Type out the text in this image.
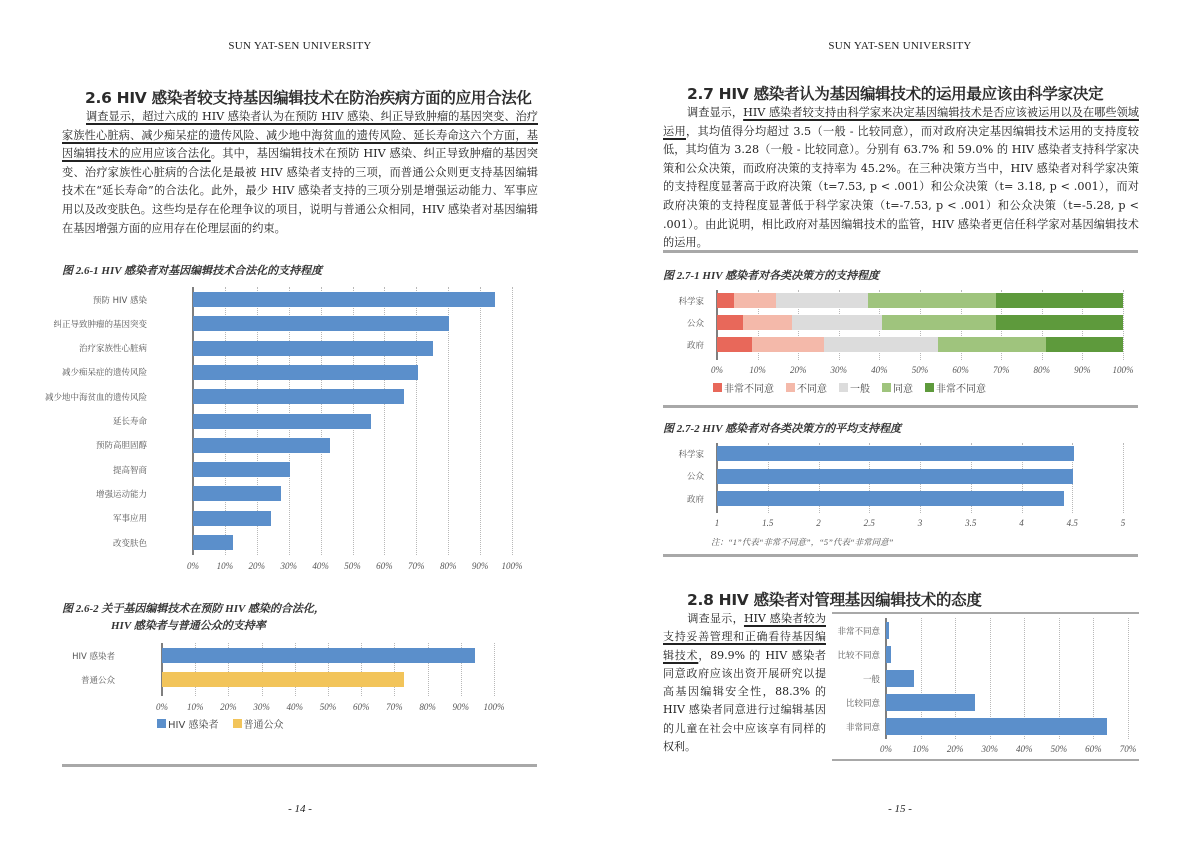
SUN YAT-SEN UNIVERSITY
2.6 HIV 感染者较支持基因编辑技术在防治疾病方面的应用合法化
调查显示，超过六成的 HIV 感染者认为在预防 HIV 感染、纠正导致肿瘤的基因突变、治疗家族性心脏病、减少痴呆症的遗传风险、减少地中海贫血的遗传风险、延长寿命这六个方面，基因编辑技术的应用应该合法化。其中，基因编辑技术在预防 HIV 感染、纠正导致肿瘤的基因突变、治疗家族性心脏病的合法化是最被 HIV 感染者支持的三项，而普通公众则更支持基因编辑技术在“延长寿命”的合法化。此外，最少 HIV 感染者支持的三项分别是增强运动能力、军事应用以及改变肤色。这些均是存在伦理争议的项目，说明与普通公众相同，HIV 感染者对基因编辑在基因增强方面的应用存在伦理层面的约束。
图 2.6-1 HIV 感染者对基因编辑技术合法化的支持程度
0% 10% 20% 30% 40% 50% 60% 70% 80% 90% 100%
预防 HIV 感染
纠正导致肿瘤的基因突变
治疗家族性心脏病
减少痴呆症的遗传风险
减少地中海贫血的遗传风险
延长寿命
预防高胆固醇
提高智商
增强运动能力
军事应用
改变肤色
图 2.6-2 关于基因编辑技术在预防 HIV 感染的合法化，
HIV 感染者与普通公众的支持率
0% 10% 20% 30% 40% 50% 60% 70% 80% 90% 100%
HIV 感染者
普通公众
HIV 感染者	普通公众
- 14 -
SUN YAT-SEN UNIVERSITY
2.7 HIV 感染者认为基因编辑技术的运用最应该由科学家决定
调查显示，HIV 感染者较支持由科学家来决定基因编辑技术是否应该被运用以及在哪些领域运用，其均值得分均超过 3.5（一般 - 比较同意），而对政府决定基因编辑技术运用的支持度较低，其均值为 3.28（一般 - 比较同意）。分别有 63.7% 和 59.0% 的 HIV 感染者支持科学家决策和公众决策，而政府决策的支持率为 45.2%。在三种决策方当中，HIV 感染者对科学家决策的支持程度显著高于政府决策（t=7.53, p < .001）和公众决策（t= 3.18, p < .001），而对政府决策的支持程度显著低于科学家决策（t=-7.53, p < .001）和公众决策（t=-5.28, p < .001）。由此说明，相比政府对基因编辑技术的监管，HIV 感染者更信任科学家对基因编辑技术的运用。
图 2.7-1 HIV 感染者对各类决策方的支持程度
0%	10%	20%	30%	40%	50%	60%	70%	80%	90% 100%
科学家
公众
政府
非常不同意 不同意 一般 同意 非常不同意
图 2.7-2 HIV 感染者对各类决策方的平均支持程度
1	1.5	2	2.5	3	3.5	4	4.5	5
科学家
公众
政府
注：“1”代表“非常不同意”，“5”代表“非常同意”
2.8 HIV 感染者对管理基因编辑技术的态度
调查显示，HIV 感染者较为支持妥善管理和正确看待基因编辑技术，89.9% 的 HIV 感染者同意政府应该出资开展研究以提高基因编辑安全性，88.3% 的 HIV 感染者同意进行过编辑基因的儿童在社会中应该享有同样的权利。	0% 10% 20% 30% 40% 50% 60% 70%
非常不同意
比较不同意
一般
比较同意
非常同意
- 15 -
